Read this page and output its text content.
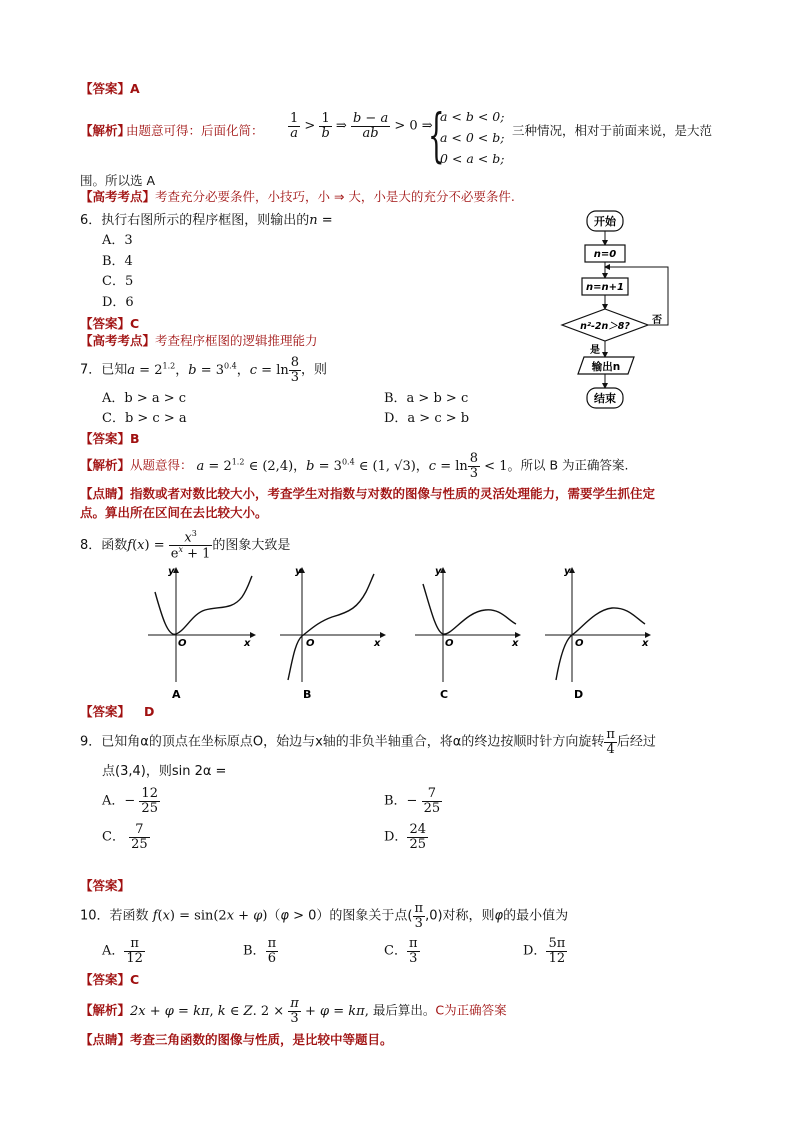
【答案】A
【解析】
由题意可得：后面化简： $\frac{1}{a} > \frac{1}{b}$ ⇒ $\frac{b - a}{ab} > 0$ ⇒
{
a < b < 0;
a < 0 < b;
0 < a < b;
三种情况，相对于前面来说，是大范
围。所以选 A
【高考考点】考查充分必要条件，小技巧，小 ⇒ 大，小是大的充分不必要条件.
6．执行右图所示的程序框图，则输出的n =
A．3
B．4
C．5
D．6
【答案】C
【高考考点】考查程序框图的逻辑推理能力
开始
n=0
n=n+1
n²-2n＞8?
否
是
输出n
结束
7．已知$a = 2^{1.2}$，$b = 3^{0.4}$，$c = \ln \frac{8}{3}$ ，则
A．b > a > c	B．a > b > c
C．b > c > a	D．a > c > b
【答案】B
【解析】从题意得： $a = 2^{1.2}$ ∈ (2,4)，$b = 3^{0.4}$ ∈ (1, √3)，$c = \ln \frac{8}{3} < 1$。所以 B 为正确答案.
【点睛】指数或者对数比较大小，考查学生对指数与对数的图像与性质的灵活处理能力，需要学生抓住定
点。算出所在区间在去比较大小。
8．函数$f(x) = \frac{x^3}{e^x + 1}$ 的图象大致是
y
x
O
A
y
x
O
B
y
x
O
C
y
x
O
D
【答案】 D
9．已知角α的顶点在坐标原点O，始边与x轴的非负半轴重合，将α的终边按顺时针方向旋转 $\frac{\pi}{4}$ 后经过
点(3,4)，则sin 2α =
A．− $\frac{12}{25}$	B．− $\frac{7}{25}$
C． $\frac{7}{25}$	D． $\frac{24}{25}$
【答案】
10．若函数 f(x) = sin(2x + φ)（φ > 0）的图象关于点( $\frac{\pi}{3} ,0$)对称，则φ的最小值为
A． $\frac{\pi}{12}$	B． $\frac{\pi}{6}$	C． $\frac{\pi}{3}$	D． $\frac{5\pi}{12}$
【答案】C
【解析】2x + φ = kπ, k ∈ Z. $2 \times \frac{\pi}{3} + \varphi = k\pi$, 最后算出。C为正确答案
【点睛】考查三角函数的图像与性质，是比较中等题目。
